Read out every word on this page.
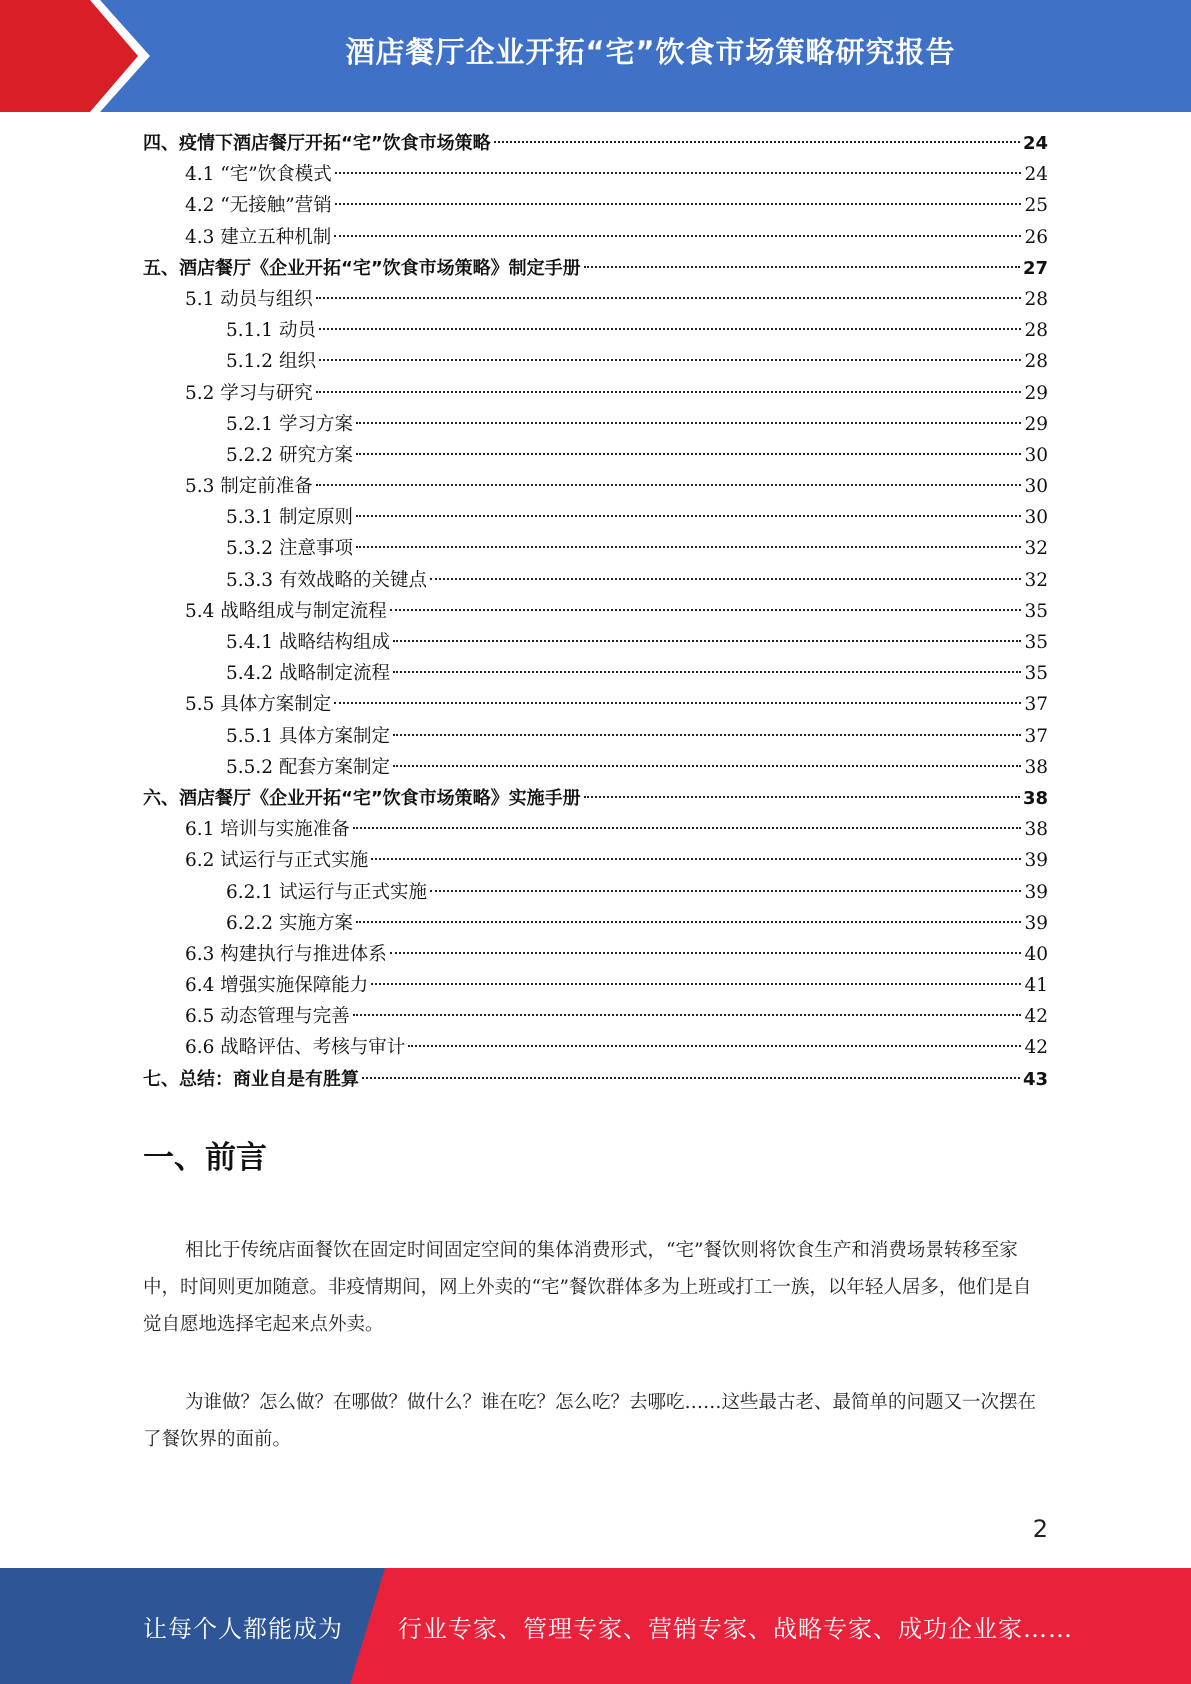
酒店餐厅企业开拓“宅”饮食市场策略研究报告
四、疫情下酒店餐厅开拓“宅”饮食市场策略	24
4.1 “宅”饮食模式	24
4.2 “无接触”营销	25
4.3 建立五种机制	26
五、酒店餐厅《企业开拓“宅”饮食市场策略》制定手册	27
5.1 动员与组织	28
5.1.1 动员	28
5.1.2 组织	28
5.2 学习与研究	29
5.2.1 学习方案	29
5.2.2 研究方案	30
5.3 制定前准备	30
5.3.1 制定原则	30
5.3.2 注意事项	32
5.3.3 有效战略的关键点	32
5.4 战略组成与制定流程	35
5.4.1 战略结构组成	35
5.4.2 战略制定流程	35
5.5 具体方案制定	37
5.5.1 具体方案制定	37
5.5.2 配套方案制定	38
六、酒店餐厅《企业开拓“宅”饮食市场策略》实施手册	38
6.1 培训与实施准备	38
6.2 试运行与正式实施	39
6.2.1 试运行与正式实施	39
6.2.2 实施方案	39
6.3 构建执行与推进体系	40
6.4 增强实施保障能力	41
6.5 动态管理与完善	42
6.6 战略评估、考核与审计	42
七、总结：商业自是有胜算	43
一、前言

相比于传统店面餐饮在固定时间固定空间的集体消费形式，“宅”餐饮则将饮食生产和消费场景转移至家中，时间则更加随意。非疫情期间，网上外卖的“宅”餐饮群体多为上班或打工一族，以年轻人居多，他们是自觉自愿地选择宅起来点外卖。

为谁做？怎么做？在哪做？做什么？谁在吃？怎么吃？去哪吃……这些最古老、最简单的问题又一次摆在了餐饮界的面前。

2
让每个人都能成为 行业专家、管理专家、营销专家、战略专家、成功企业家……
